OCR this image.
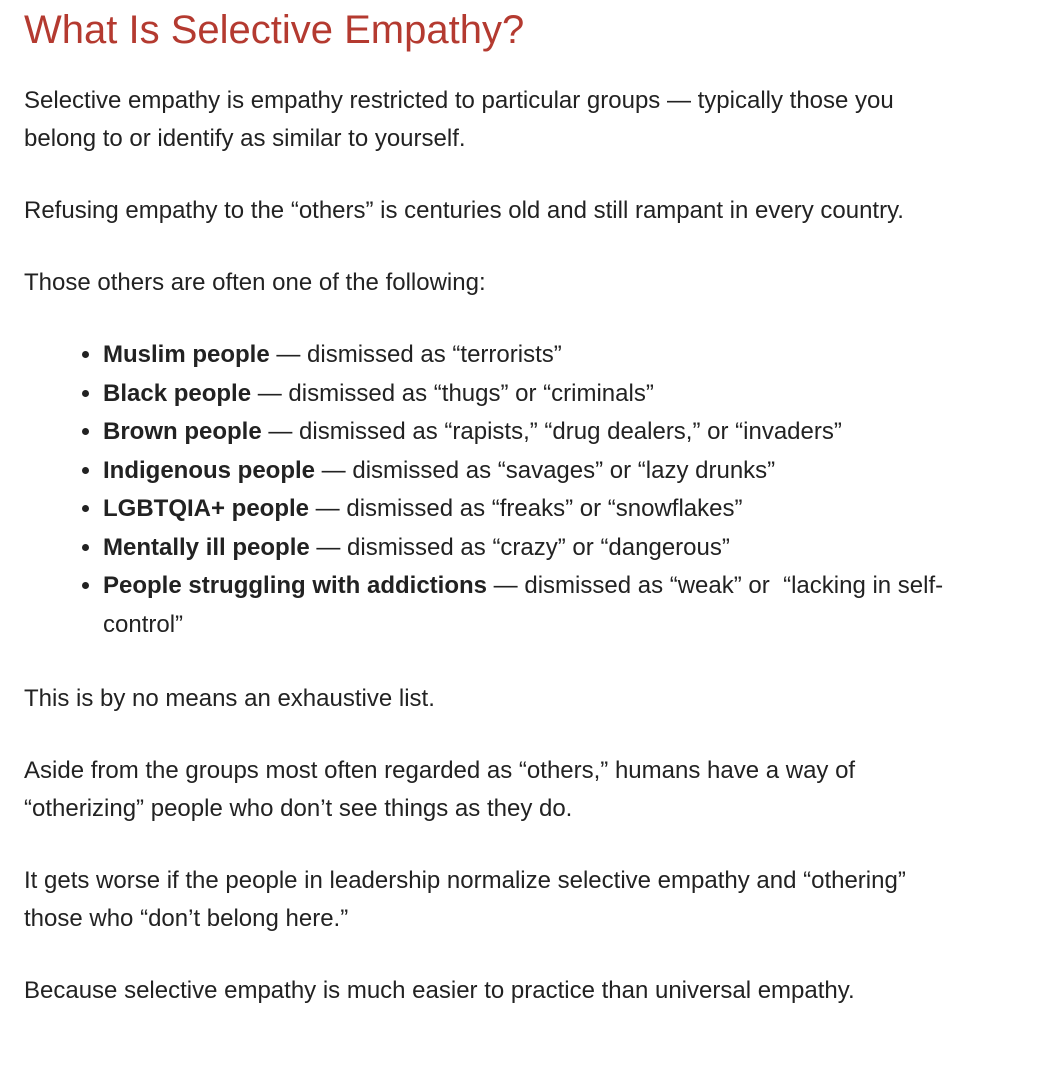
What Is Selective Empathy?

Selective empathy is empathy restricted to particular groups — typically those you belong to or identify as similar to yourself.

Refusing empathy to the “others” is centuries old and still rampant in every country.

Those others are often one of the following:

• Muslim people — dismissed as “terrorists”
• Black people — dismissed as “thugs” or “criminals”
• Brown people — dismissed as “rapists,” “drug dealers,” or “invaders”
• Indigenous people — dismissed as “savages” or “lazy drunks”
• LGBTQIA+ people — dismissed as “freaks” or “snowflakes”
• Mentally ill people — dismissed as “crazy” or “dangerous”
• People struggling with addictions — dismissed as “weak” or  “lacking in self-control”

This is by no means an exhaustive list.

Aside from the groups most often regarded as “others,” humans have a way of “otherizing” people who don’t see things as they do.

It gets worse if the people in leadership normalize selective empathy and “othering” those who “don’t belong here.”

Because selective empathy is much easier to practice than universal empathy.
